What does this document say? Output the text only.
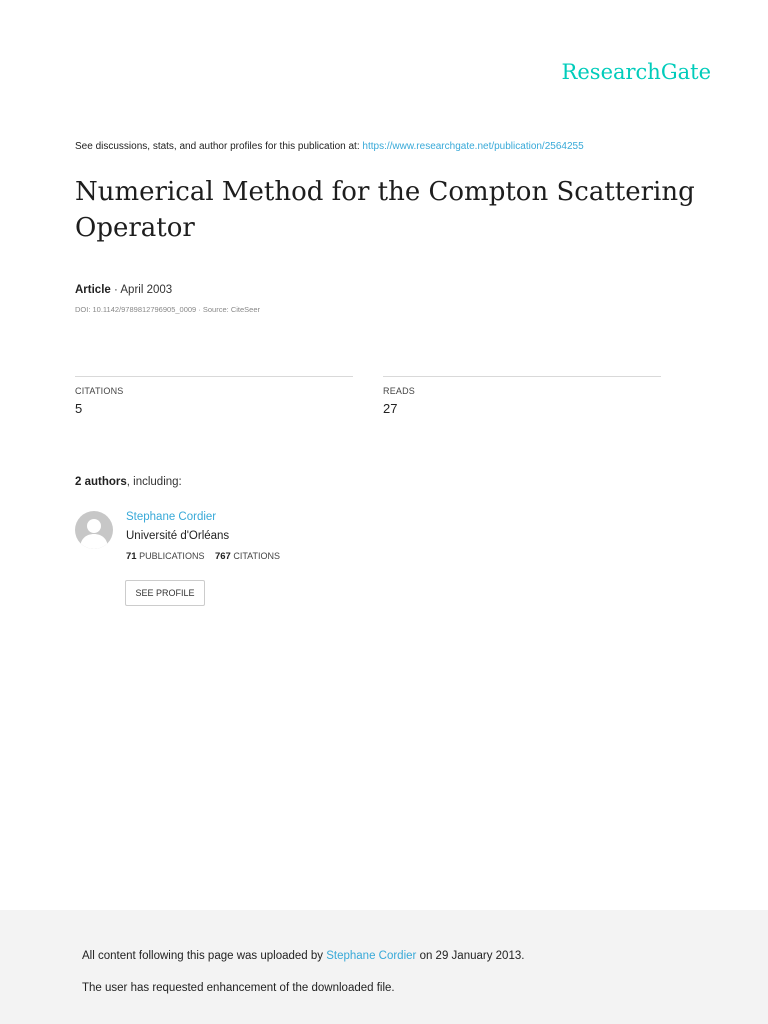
ResearchGate
See discussions, stats, and author profiles for this publication at: https://www.researchgate.net/publication/2564255
Numerical Method for the Compton Scattering Operator
Article · April 2003
DOI: 10.1142/9789812796905_0009 · Source: CiteSeer
CITATIONS
5
READS
27
2 authors, including:
Stephane Cordier
Université d'Orléans
71 PUBLICATIONS 767 CITATIONS
SEE PROFILE
All content following this page was uploaded by Stephane Cordier on 29 January 2013.
The user has requested enhancement of the downloaded file.
